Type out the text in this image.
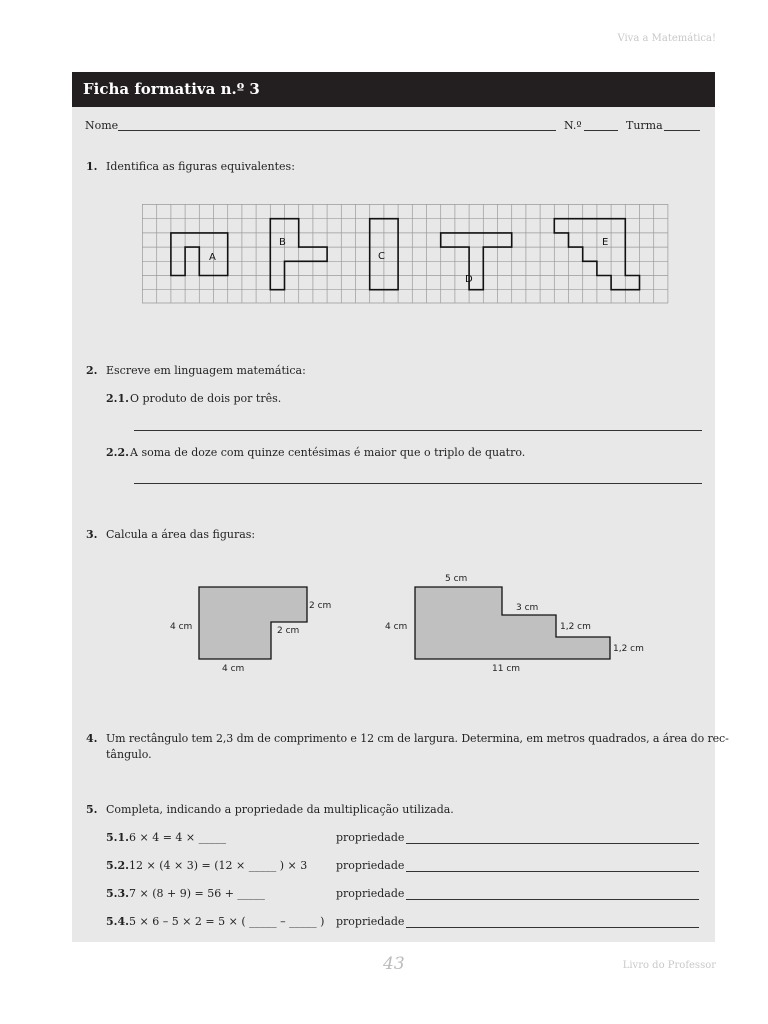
Viva a Matemática!
Ficha formativa n.º 3
Nome	N.º	Turma
1. Identifica as figuras equivalentes:
A
B
C
D
E
2. Escreve em linguagem matemática:
2.1. O produto de dois por três.
2.2. A soma de doze com quinze centésimas é maior que o triplo de quatro.
3. Calcula a área das figuras:
4 cm
4 cm
2 cm
2 cm
5 cm
4 cm
3 cm
1,2 cm
1,2 cm
11 cm
4. Um rectângulo tem 2,3 dm de comprimento e 12 cm de largura. Determina, em metros quadrados, a área do rec-
tângulo.
5. Completa, indicando a propriedade da multiplicação utilizada.
5.1. 6 × 4 = 4 × _____	propriedade
5.2. 12 × (4 × 3) = (12 × _____ ) × 3	propriedade
5.3. 7 × (8 + 9) = 56 + _____	propriedade
5.4. 5 × 6 – 5 × 2 = 5 × ( _____ – _____ ) propriedade
43	Livro do Professor
